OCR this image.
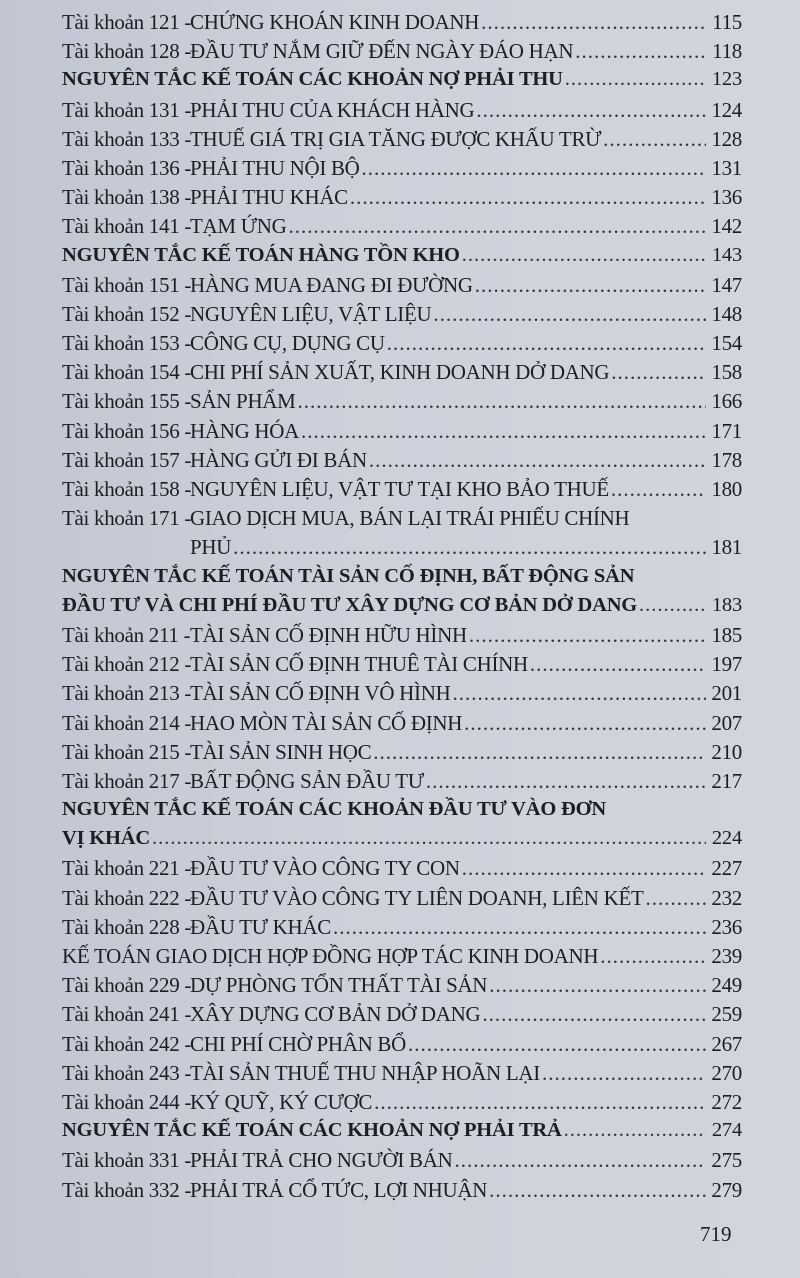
Tài khoản 121 -
CHỨNG KHOÁN KINH DOANH .....	115
Tài khoản 128 -
ĐẦU TƯ NẮM GIỮ ĐẾN NGÀY ĐÁO HẠN .....	118
NGUYÊN TẮC KẾ TOÁN CÁC KHOẢN NỢ PHẢI THU .....	123
Tài khoản 131 -
PHẢI THU CỦA KHÁCH HÀNG .....	124
Tài khoản 133 -
THUẾ GIÁ TRỊ GIA TĂNG ĐƯỢC KHẤU TRỪ .....	128
Tài khoản 136 -
PHẢI THU NỘI BỘ .....	131
Tài khoản 138 -
PHẢI THU KHÁC .....	136
Tài khoản 141 -
TẠM ỨNG .....	142
NGUYÊN TẮC KẾ TOÁN HÀNG TỒN KHO .....	143
Tài khoản 151 -
HÀNG MUA ĐANG ĐI ĐƯỜNG .....	147
Tài khoản 152 -
NGUYÊN LIỆU, VẬT LIỆU .....	148
Tài khoản 153 -
CÔNG CỤ, DỤNG CỤ .....	154
Tài khoản 154 -
CHI PHÍ SẢN XUẤT, KINH DOANH DỞ DANG .....	158
Tài khoản 155 -
SẢN PHẨM .....	166
Tài khoản 156 -
HÀNG HÓA .....	171
Tài khoản 157 -
HÀNG GỬI ĐI BÁN .....	178
Tài khoản 158 -
NGUYÊN LIỆU, VẬT TƯ TẠI KHO BẢO THUẾ .....	180
Tài khoản 171 -
GIAO DỊCH MUA, BÁN LẠI TRÁI PHIẾU CHÍNH
PHỦ .....	181
NGUYÊN TẮC KẾ TOÁN TÀI SẢN CỐ ĐỊNH, BẤT ĐỘNG SẢN
ĐẦU TƯ VÀ CHI PHÍ ĐẦU TƯ XÂY DỰNG CƠ BẢN DỞ DANG .....	183
Tài khoản 211 - TÀI SẢN CỐ ĐỊNH HỮU HÌNH .....	185
Tài khoản 212 -
TÀI SẢN CỐ ĐỊNH THUÊ TÀI CHÍNH .....	197
Tài khoản 213 -
TÀI SẢN CỐ ĐỊNH VÔ HÌNH .....	201
Tài khoản 214 -
HAO MÒN TÀI SẢN CỐ ĐỊNH .....	207
Tài khoản 215 -
TÀI SẢN SINH HỌC .....	210
Tài khoản 217 -
BẤT ĐỘNG SẢN ĐẦU TƯ .....	217
NGUYÊN TẮC KẾ TOÁN CÁC KHOẢN ĐẦU TƯ VÀO ĐƠN
VỊ KHÁC .....	224
Tài khoản 221 -
ĐẦU TƯ VÀO CÔNG TY CON .....	227
Tài khoản 222 -
ĐẦU TƯ VÀO CÔNG TY LIÊN DOANH, LIÊN KẾT .....	232
Tài khoản 228 -
ĐẦU TƯ KHÁC .....	236
KẾ TOÁN GIAO DỊCH HỢP ĐỒNG HỢP TÁC KINH DOANH .....	239
Tài khoản 229 -
DỰ PHÒNG TỔN THẤT TÀI SẢN .....	249
Tài khoản 241 -
XÂY DỰNG CƠ BẢN DỞ DANG .....	259
Tài khoản 242 -
CHI PHÍ CHỜ PHÂN BỔ .....	267
Tài khoản 243 -
TÀI SẢN THUẾ THU NHẬP HOÃN LẠI .....	270
Tài khoản 244 -
KÝ QUỸ, KÝ CƯỢC .....	272
NGUYÊN TẮC KẾ TOÁN CÁC KHOẢN NỢ PHẢI TRẢ .....	274
Tài khoản 331 -
PHẢI TRẢ CHO NGƯỜI BÁN .....	275
Tài khoản 332 -
PHẢI TRẢ CỔ TỨC, LỢI NHUẬN .....	279
719
